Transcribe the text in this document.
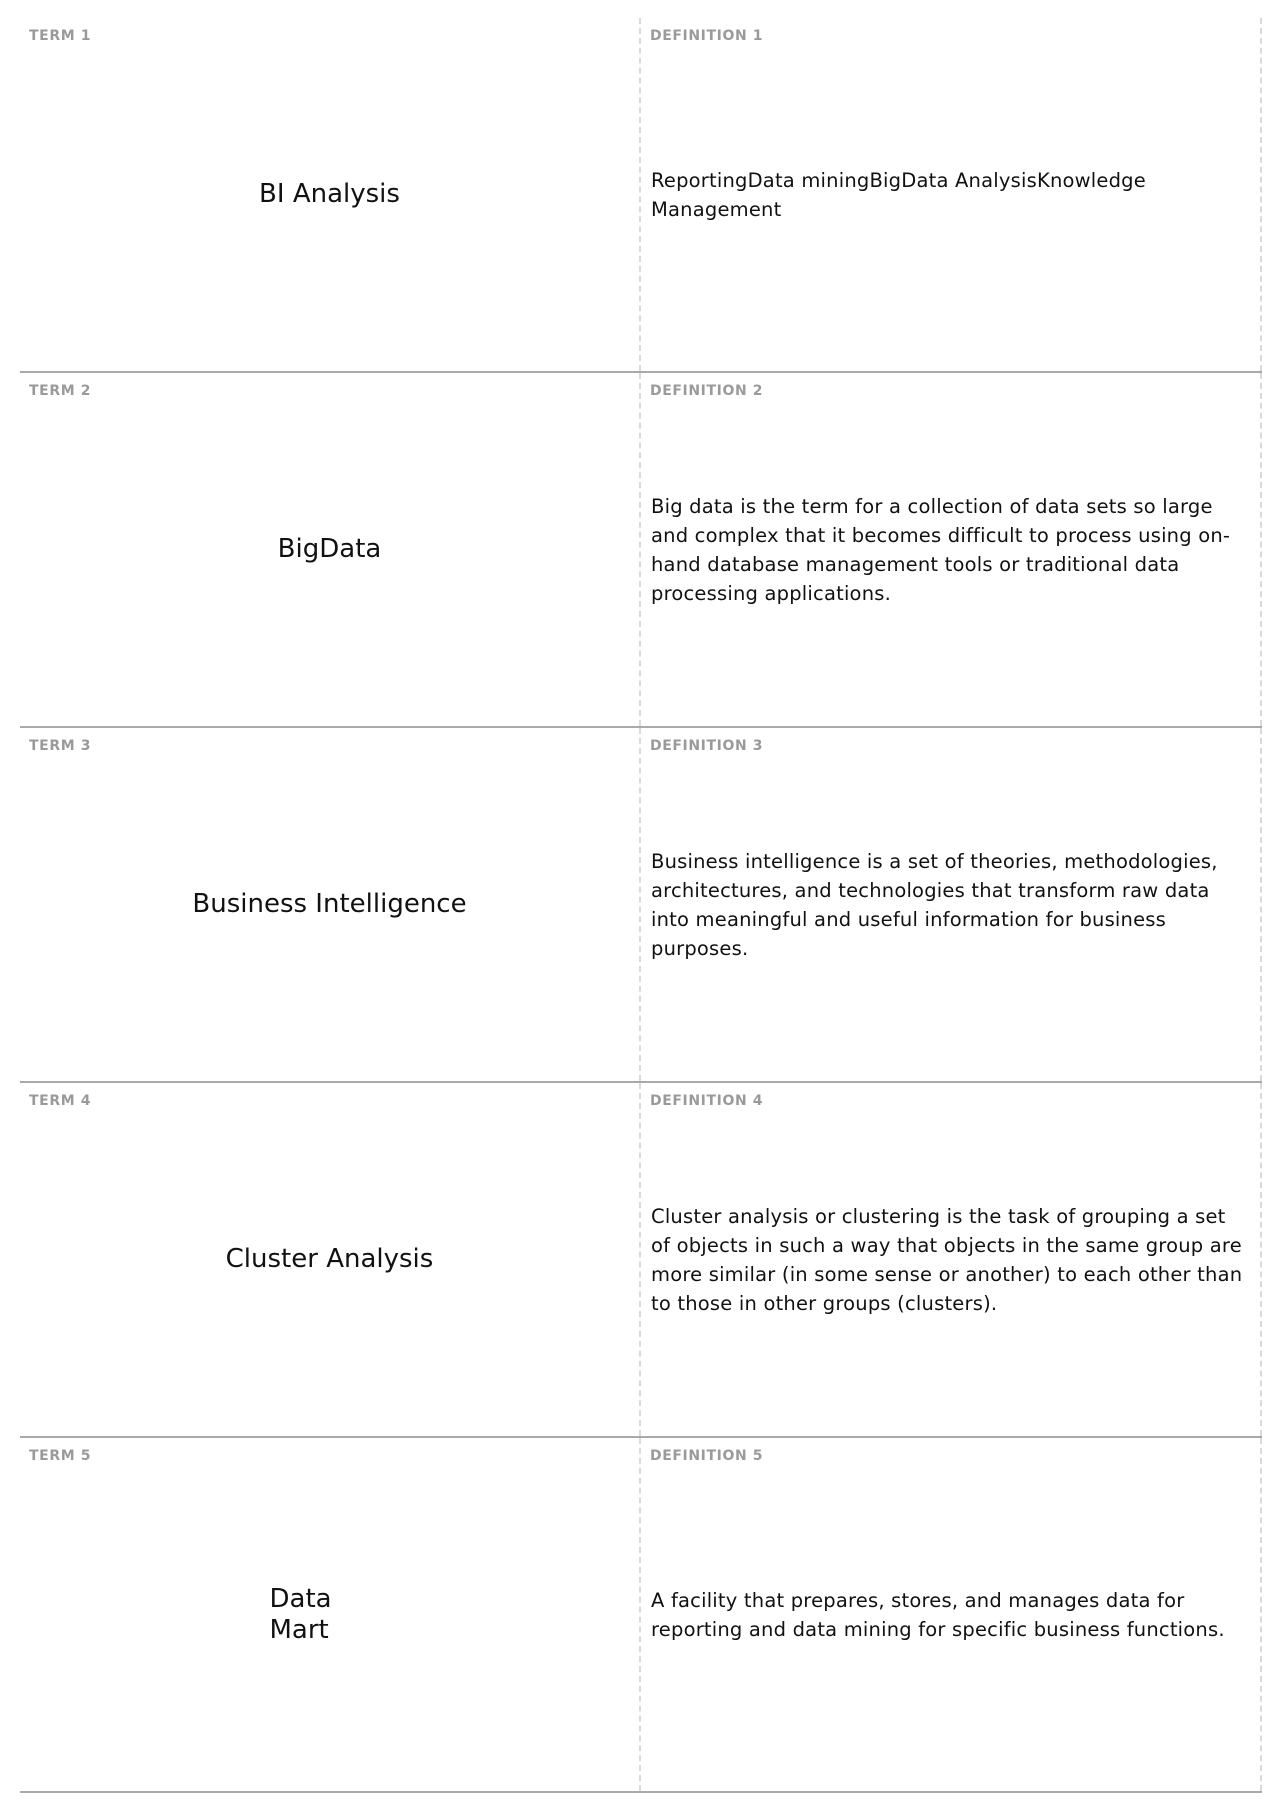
TERM 1
BI Analysis
DEFINITION 1
ReportingData miningBigData AnalysisKnowledge Management
TERM 2
BigData
DEFINITION 2
Big data is the term for a collection of data sets so large and complex that it becomes difficult to process using on-hand database management tools or traditional data processing applications.
TERM 3
Business Intelligence
DEFINITION 3
Business intelligence is a set of theories, methodologies, architectures, and technologies that transform raw data into meaningful and useful information for business purposes.
TERM 4
Cluster Analysis
DEFINITION 4
Cluster analysis or clustering is the task of grouping a set of objects in such a way that objects in the same group are more similar (in some sense or another) to each other than to those in other groups (clusters).
TERM 5
Data Mart
DEFINITION 5
A facility that prepares, stores, and manages data for reporting and data mining for specific business functions.
